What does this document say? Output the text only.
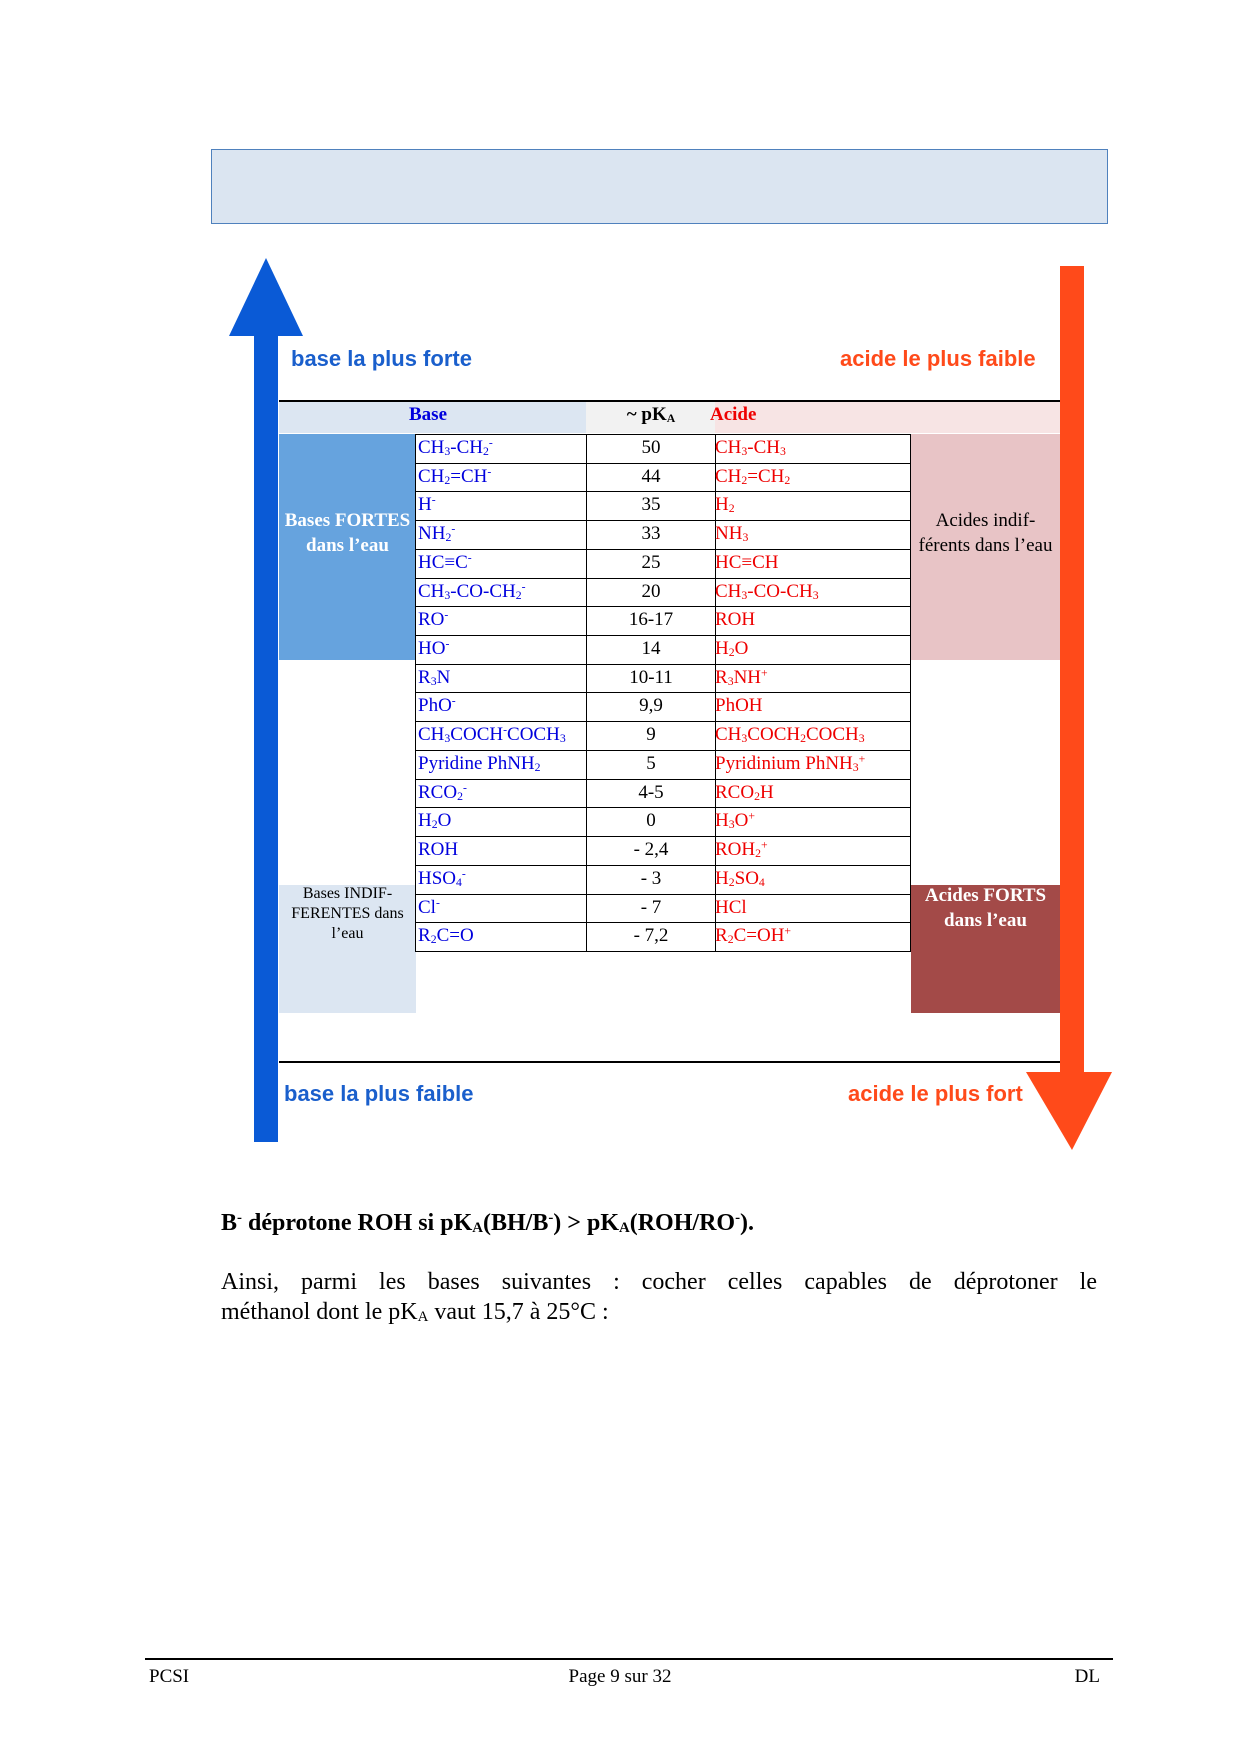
base la plus forte	acide le plus faible
base la plus faible	acide le plus fort
Base	~ $pK_A$	Acide
Bases FORTES dans l’eau
Bases INDIF-FERENTES dans l’eau
Acides indif-férents dans l’eau
Acides FORTS dans l’eau
$CH_3-CH_2^-$	50	$CH_3-CH_3$
$CH_2=CH^-$	44	$CH_2=CH_2$
H-	35	$H_2$
$NH_2^-$	33	$NH_3$
HC≡C-	25	HC≡CH
$CH_3-CO-CH_2^-$	20	$CH_3-CO-CH_3$
RO-	16-17	ROH
HO-	14	$H_2O$
$R_3N$	10-11	$R_3NH^+$
PhO-	9,9	PhOH
$CH_3COCH^-COCH_3$	9	$CH_3COCH_2COCH_3$
Pyridine PhNH$_2$	5	Pyridinium PhNH$_3$+
$RCO_2^-$	4-5	$RCO_2H$
$H_2O$	0	$H_3O^+$
ROH	- 2,4	$ROH_2^+$
$HSO_4^-$	- 3	$H_2SO_4$
Cl-	- 7	HCl
$R_2C=O$	- 7,2	$R_2C=OH^+$
B- déprotone ROH si $pK_A(BH/B^-) > pK_A(ROH/RO^-)$.
Ainsi, parmi les bases suivantes : cocher celles capables de déprotoner le
méthanol dont le $pK_A$ vaut 15,7 à 25°C :
PCSI	Page 9 sur 32	DL
